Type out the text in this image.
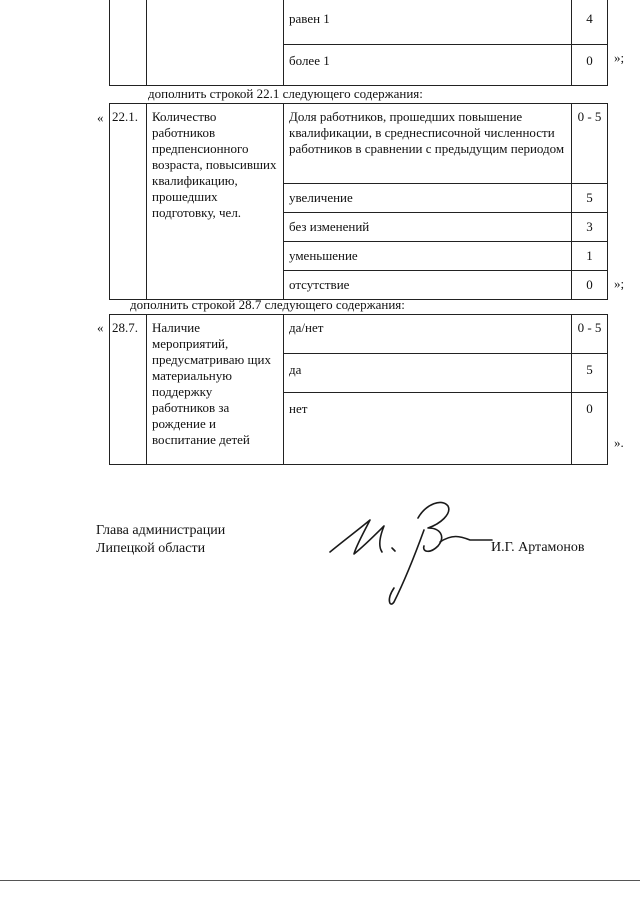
		равен 1	4
		более 1	0 »;
дополнить строкой 22.1 следующего содержания:
« 22.1.	Количество работников предпенсионного возраста, повысивших квалификацию, прошедших подготовку, чел.	Доля работников, прошедших повышение квалификации, в среднесписочной численности работников в сравнении с предыдущим периодом	0 - 5
		увеличение	5
		без изменений	3
		уменьшение	1
		отсутствие	0 »;
дополнить строкой 28.7 следующего содержания:
« 28.7.	Наличие мероприятий, предусматриваю щих материальную поддержку работников за рождение и воспитание детей	да/нет	0 - 5
		да	5
		нет	0
».
Глава администрации
Липецкой области	И.Г. Артамонов
